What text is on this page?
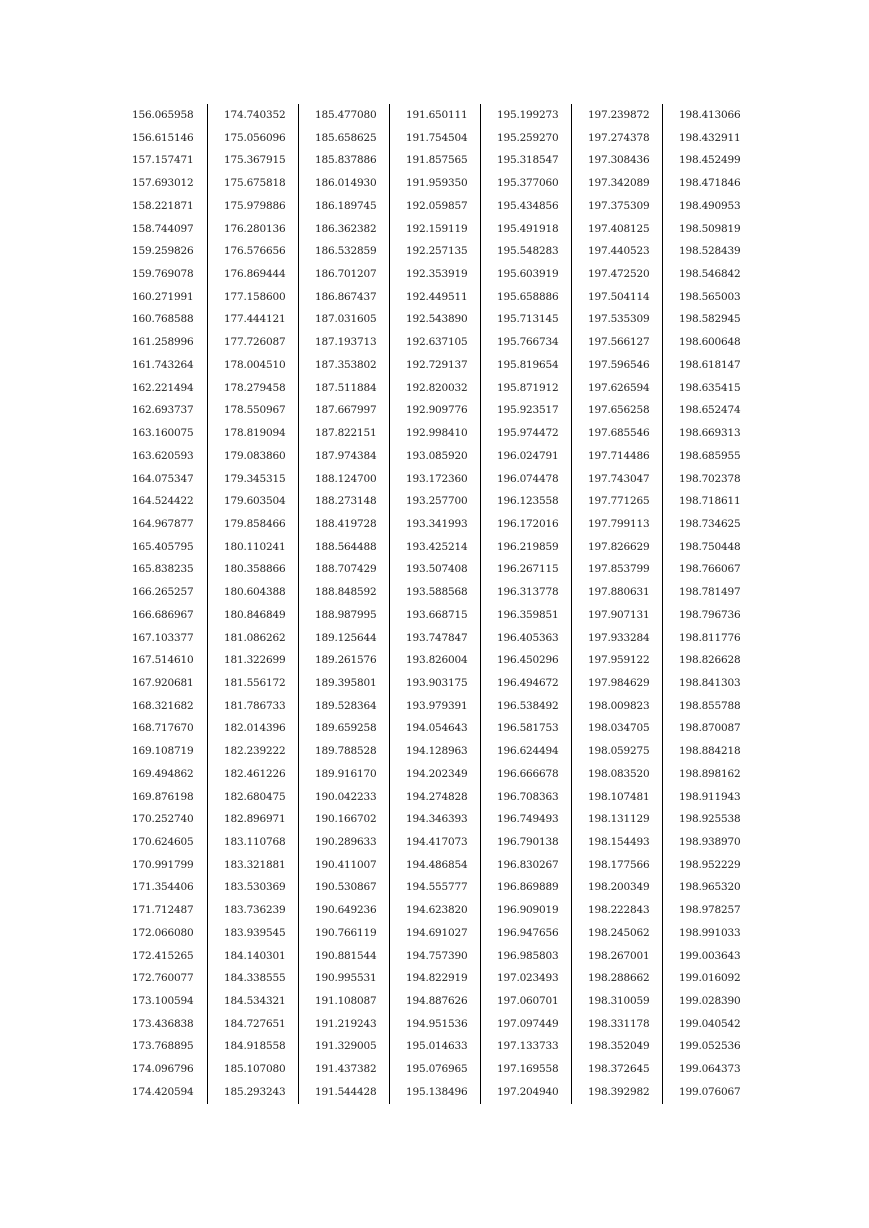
156.065958	174.740352	185.477080	191.650111	195.199273	197.239872	198.413066
156.615146	175.056096	185.658625	191.754504	195.259270	197.274378	198.432911
157.157471	175.367915	185.837886	191.857565	195.318547	197.308436	198.452499
157.693012	175.675818	186.014930	191.959350	195.377060	197.342089	198.471846
158.221871	175.979886	186.189745	192.059857	195.434856	197.375309	198.490953
158.744097	176.280136	186.362382	192.159119	195.491918	197.408125	198.509819
159.259826	176.576656	186.532859	192.257135	195.548283	197.440523	198.528439
159.769078	176.869444	186.701207	192.353919	195.603919	197.472520	198.546842
160.271991	177.158600	186.867437	192.449511	195.658886	197.504114	198.565003
160.768588	177.444121	187.031605	192.543890	195.713145	197.535309	198.582945
161.258996	177.726087	187.193713	192.637105	195.766734	197.566127	198.600648
161.743264	178.004510	187.353802	192.729137	195.819654	197.596546	198.618147
162.221494	178.279458	187.511884	192.820032	195.871912	197.626594	198.635415
162.693737	178.550967	187.667997	192.909776	195.923517	197.656258	198.652474
163.160075	178.819094	187.822151	192.998410	195.974472	197.685546	198.669313
163.620593	179.083860	187.974384	193.085920	196.024791	197.714486	198.685955
164.075347	179.345315	188.124700	193.172360	196.074478	197.743047	198.702378
164.524422	179.603504	188.273148	193.257700	196.123558	197.771265	198.718611
164.967877	179.858466	188.419728	193.341993	196.172016	197.799113	198.734625
165.405795	180.110241	188.564488	193.425214	196.219859	197.826629	198.750448
165.838235	180.358866	188.707429	193.507408	196.267115	197.853799	198.766067
166.265257	180.604388	188.848592	193.588568	196.313778	197.880631	198.781497
166.686967	180.846849	188.987995	193.668715	196.359851	197.907131	198.796736
167.103377	181.086262	189.125644	193.747847	196.405363	197.933284	198.811776
167.514610	181.322699	189.261576	193.826004	196.450296	197.959122	198.826628
167.920681	181.556172	189.395801	193.903175	196.494672	197.984629	198.841303
168.321682	181.786733	189.528364	193.979391	196.538492	198.009823	198.855788
168.717670	182.014396	189.659258	194.054643	196.581753	198.034705	198.870087
169.108719	182.239222	189.788528	194.128963	196.624494	198.059275	198.884218
169.494862	182.461226	189.916170	194.202349	196.666678	198.083520	198.898162
169.876198	182.680475	190.042233	194.274828	196.708363	198.107481	198.911943
170.252740	182.896971	190.166702	194.346393	196.749493	198.131129	198.925538
170.624605	183.110768	190.289633	194.417073	196.790138	198.154493	198.938970
170.991799	183.321881	190.411007	194.486854	196.830267	198.177566	198.952229
171.354406	183.530369	190.530867	194.555777	196.869889	198.200349	198.965320
171.712487	183.736239	190.649236	194.623820	196.909019	198.222843	198.978257
172.066080	183.939545	190.766119	194.691027	196.947656	198.245062	198.991033
172.415265	184.140301	190.881544	194.757390	196.985803	198.267001	199.003643
172.760077	184.338555	190.995531	194.822919	197.023493	198.288662	199.016092
173.100594	184.534321	191.108087	194.887626	197.060701	198.310059	199.028390
173.436838	184.727651	191.219243	194.951536	197.097449	198.331178	199.040542
173.768895	184.918558	191.329005	195.014633	197.133733	198.352049	199.052536
174.096796	185.107080	191.437382	195.076965	197.169558	198.372645	199.064373
174.420594	185.293243	191.544428	195.138496	197.204940	198.392982	199.076067
